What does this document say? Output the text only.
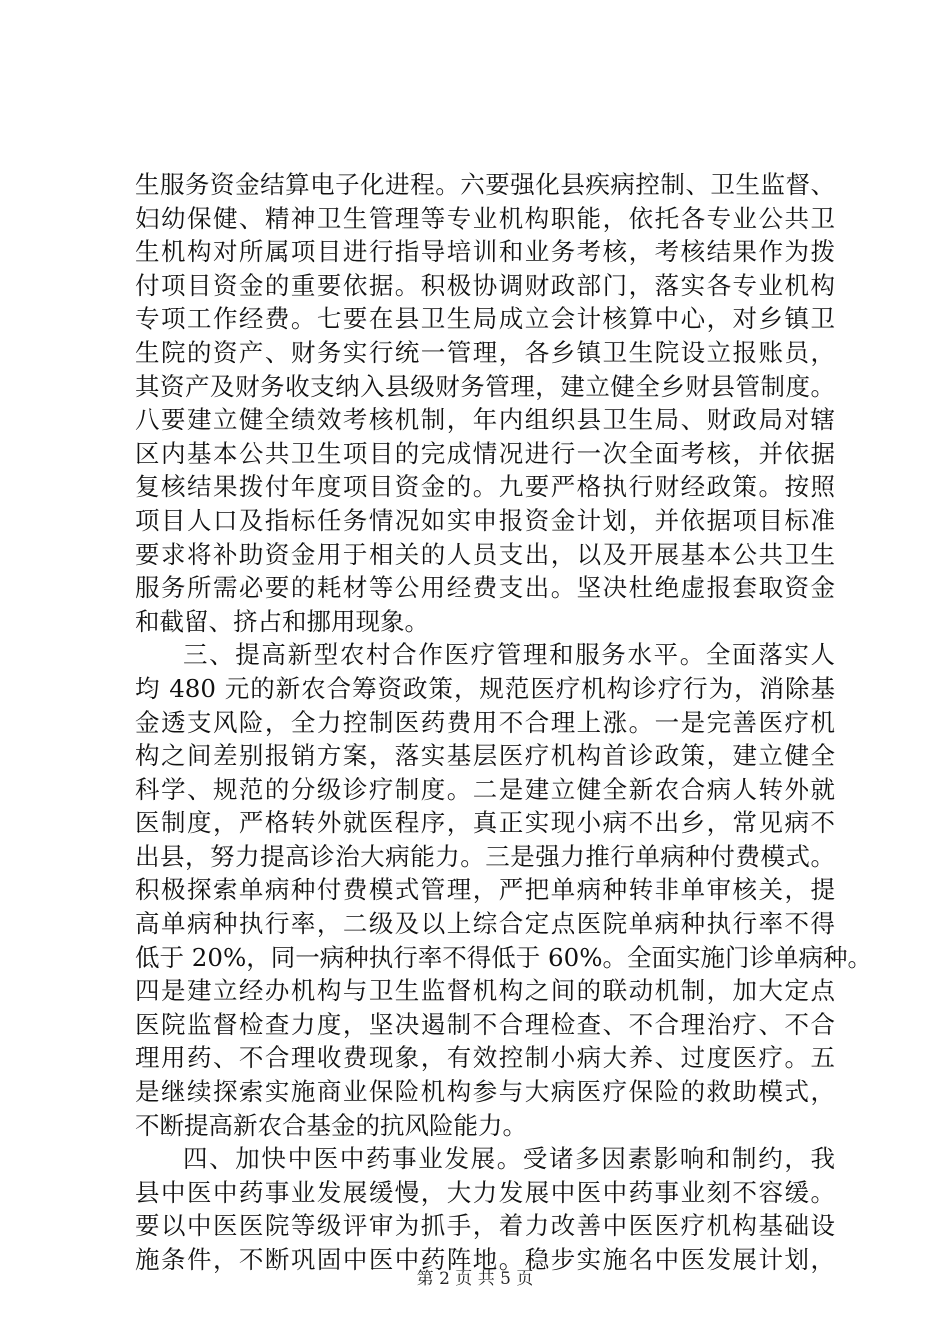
生服务资金结算电子化进程。六要强化县疾病控制、卫生监督、
妇幼保健、精神卫生管理等专业机构职能，依托各专业公共卫
生机构对所属项目进行指导培训和业务考核，考核结果作为拨
付项目资金的重要依据。积极协调财政部门，落实各专业机构
专项工作经费。七要在县卫生局成立会计核算中心，对乡镇卫
生院的资产、财务实行统一管理，各乡镇卫生院设立报账员，
其资产及财务收支纳入县级财务管理，建立健全乡财县管制度。
八要建立健全绩效考核机制，年内组织县卫生局、财政局对辖
区内基本公共卫生项目的完成情况进行一次全面考核，并依据
复核结果拨付年度项目资金的。九要严格执行财经政策。按照
项目人口及指标任务情况如实申报资金计划，并依据项目标准
要求将补助资金用于相关的人员支出，以及开展基本公共卫生
服务所需必要的耗材等公用经费支出。坚决杜绝虚报套取资金
和截留、挤占和挪用现象。
三、提高新型农村合作医疗管理和服务水平。全面落实人
均 480 元的新农合筹资政策，规范医疗机构诊疗行为，消除基
金透支风险，全力控制医药费用不合理上涨。一是完善医疗机
构之间差别报销方案，落实基层医疗机构首诊政策，建立健全
科学、规范的分级诊疗制度。二是建立健全新农合病人转外就
医制度，严格转外就医程序，真正实现小病不出乡，常见病不
出县，努力提高诊治大病能力。三是强力推行单病种付费模式。
积极探索单病种付费模式管理，严把单病种转非单审核关，提
高单病种执行率，二级及以上综合定点医院单病种执行率不得
低于 20%，同一病种执行率不得低于 60%。全面实施门诊单病种。
四是建立经办机构与卫生监督机构之间的联动机制，加大定点
医院监督检查力度，坚决遏制不合理检查、不合理治疗、不合
理用药、不合理收费现象，有效控制小病大养、过度医疗。五
是继续探索实施商业保险机构参与大病医疗保险的救助模式，
不断提高新农合基金的抗风险能力。
四、加快中医中药事业发展。受诸多因素影响和制约，我
县中医中药事业发展缓慢，大力发展中医中药事业刻不容缓。
要以中医医院等级评审为抓手，着力改善中医医疗机构基础设
施条件，不断巩固中医中药阵地。稳步实施名中医发展计划，
第 2 页 共 5 页
